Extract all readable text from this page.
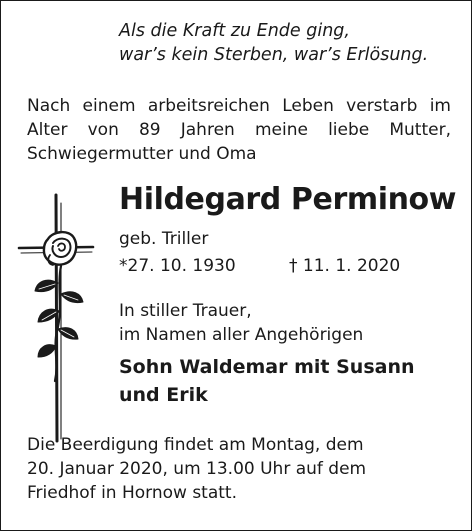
Als die Kraft zu Ende ging,
war’s kein Sterben, war’s Erlösung.
Nach einem arbeitsreichen Leben verstarb im Alter von 89 Jahren meine liebe Mutter, Schwiegermutter und Oma
Hildegard Perminow
geb. Triller
*27. 10. 1930	† 11. 1. 2020
In stiller Trauer,
im Namen aller Angehörigen
Sohn Waldemar mit Susann
und Erik
Die Beerdigung findet am Montag, dem
20. Januar 2020, um 13.00 Uhr auf dem
Friedhof in Hornow statt.
